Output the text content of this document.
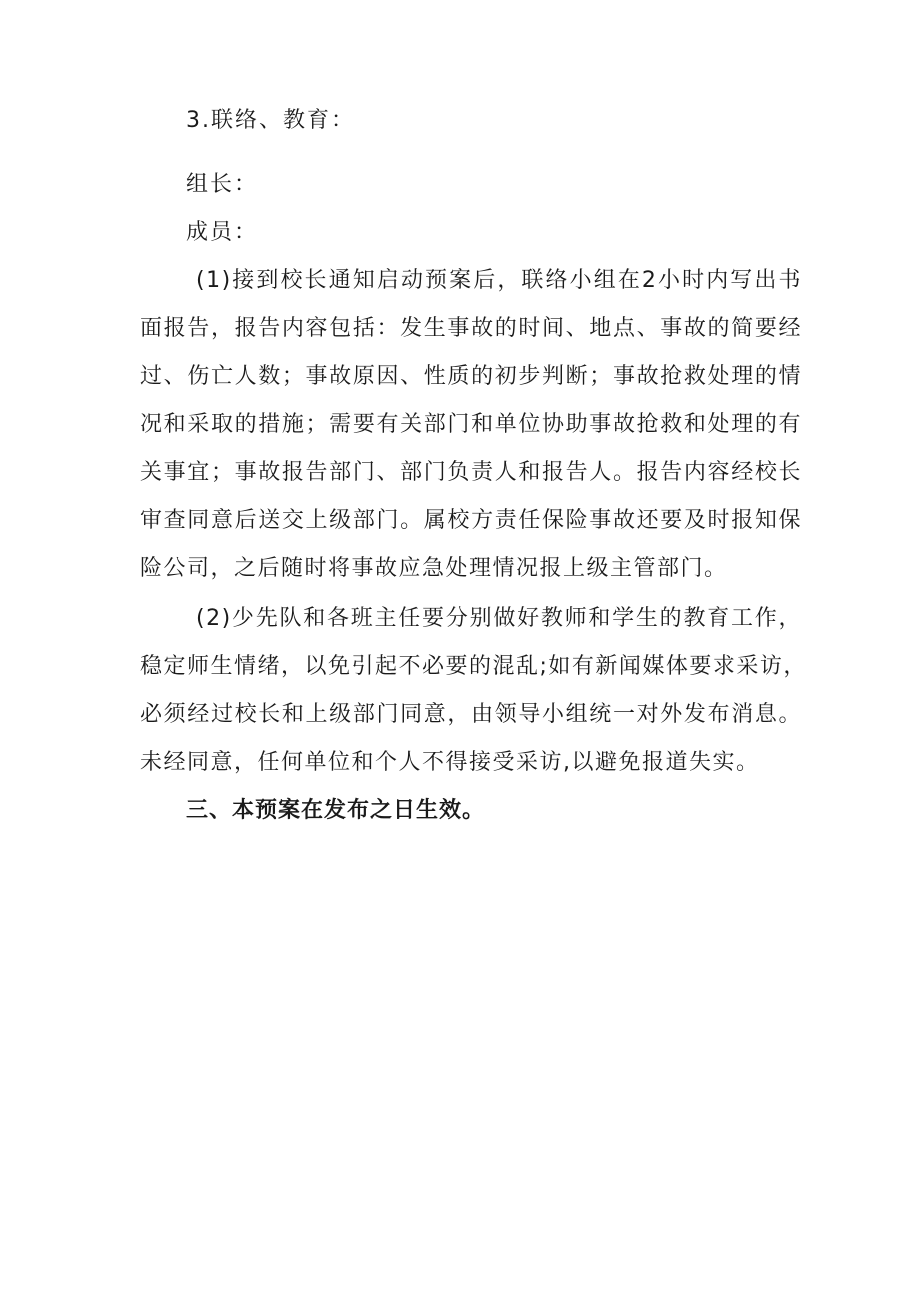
3.联络、教育：
组长：
成员：
(1)接到校长通知启动预案后，联络小组在2小时内写出书
面报告，报告内容包括：发生事故的时间、地点、事故的简要经
过、伤亡人数；事故原因、性质的初步判断；事故抢救处理的情
况和采取的措施；需要有关部门和单位协助事故抢救和处理的有
关事宜；事故报告部门、部门负责人和报告人。报告内容经校长
审查同意后送交上级部门。属校方责任保险事故还要及时报知保
险公司，之后随时将事故应急处理情况报上级主管部门。
(2)少先队和各班主任要分别做好教师和学生的教育工作，
稳定师生情绪，以免引起不必要的混乱;如有新闻媒体要求采访，
必须经过校长和上级部门同意，由领导小组统一对外发布消息。
未经同意，任何单位和个人不得接受采访,以避免报道失实。
三、本预案在发布之日生效。
